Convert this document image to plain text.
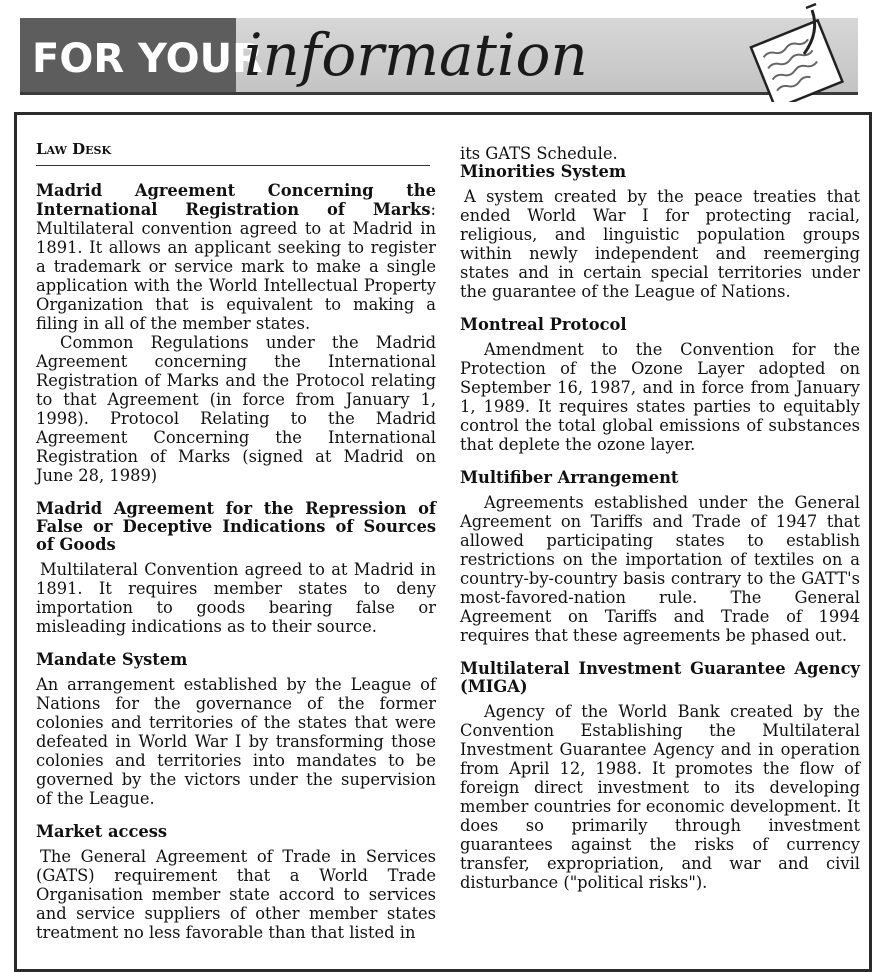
FOR YOUR
information
Law Desk

Madrid Agreement Concerning the International Registration of Marks: Multilateral convention agreed to at Madrid in 1891. It allows an applicant seeking to register a trademark or service mark to make a single application with the World Intellectual Property Organization that is equivalent to making a filing in all of the member states.

Common Regulations under the Madrid Agreement concerning the International Registration of Marks and the Protocol relating to that Agreement (in force from January 1, 1998). Protocol Relating to the Madrid Agreement Concerning the International Registration of Marks (signed at Madrid on June 28, 1989)

Madrid Agreement for the Repression of False or Deceptive Indications of Sources of Goods

Multilateral Convention agreed to at Madrid in 1891. It requires member states to deny importation to goods bearing false or misleading indications as to their source.

Mandate System

An arrangement established by the League of Nations for the governance of the former colonies and territories of the states that were defeated in World War I by transforming those colonies and territories into mandates to be governed by the victors under the supervision of the League.

Market access

The General Agreement of Trade in Services (GATS) requirement that a World Trade Organisation member state accord to services and service suppliers of other member states treatment no less favorable than that listed in

its GATS Schedule.

Minorities System

A system created by the peace treaties that ended World War I for protecting racial, religious, and linguistic population groups within newly independent and reemerging states and in certain special territories under the guarantee of the League of Nations.

Montreal Protocol

Amendment to the Convention for the Protection of the Ozone Layer adopted on September 16, 1987, and in force from January 1, 1989. It requires states parties to equitably control the total global emissions of substances that deplete the ozone layer.

Multifiber Arrangement

Agreements established under the General Agreement on Tariffs and Trade of 1947 that allowed participating states to establish restrictions on the importation of textiles on a country-by-country basis contrary to the GATT's most-favored-nation rule. The General Agreement on Tariffs and Trade of 1994 requires that these agreements be phased out.

Multilateral Investment Guarantee Agency (MIGA)

Agency of the World Bank created by the Convention Establishing the Multilateral Investment Guarantee Agency and in operation from April 12, 1988. It promotes the flow of foreign direct investment to its developing member countries for economic development. It does so primarily through investment guarantees against the risks of currency transfer, expropriation, and war and civil disturbance ("political risks").
